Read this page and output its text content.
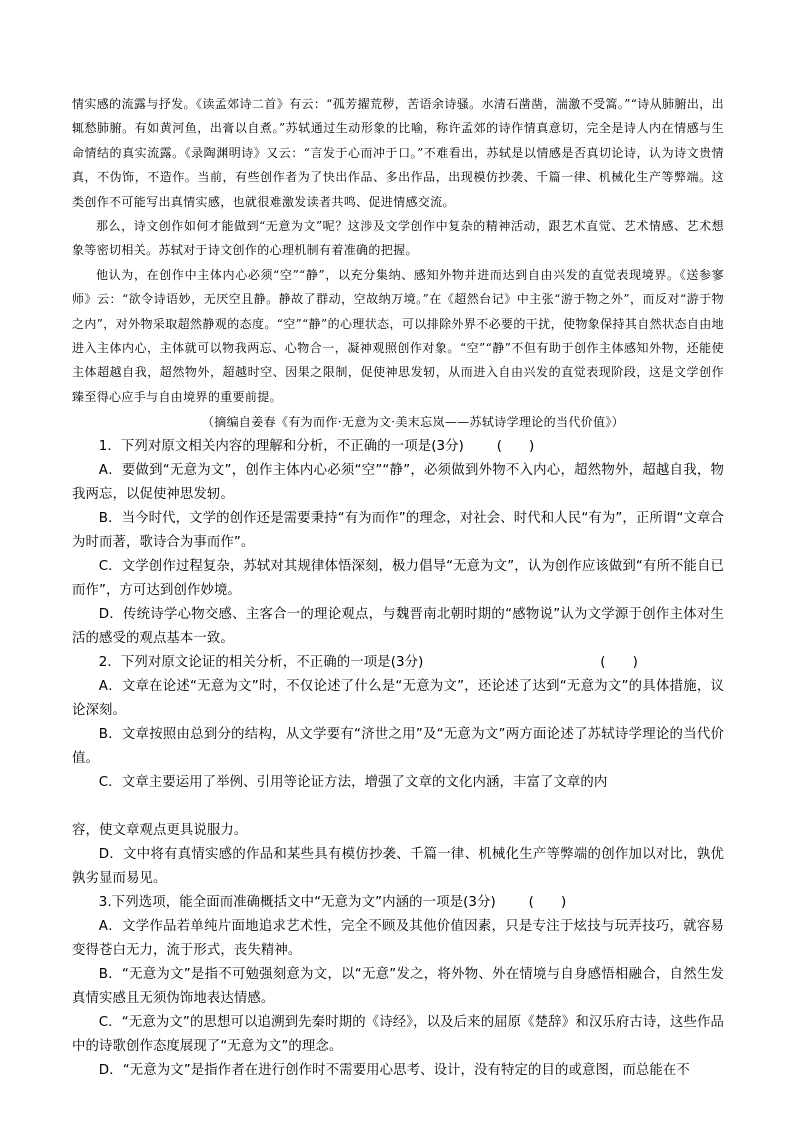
情实感的流露与抒发。《读孟郊诗二首》有云：“孤芳擢荒秽，苦语余诗骚。水清石凿凿，湍激不受篙。”“诗从肺腑出，出辄愁肺腑。有如黄河鱼，出膏以自煮。”苏轼通过生动形象的比喻，称许孟郊的诗作情真意切，完全是诗人内在情感与生命情结的真实流露。《录陶渊明诗》又云：“言发于心而冲于口。”不难看出，苏轼是以情感是否真切论诗，认为诗文贵情真，不伪饰，不造作。当前，有些创作者为了快出作品、多出作品，出现模仿抄袭、千篇一律、机械化生产等弊端。这类创作不可能写出真情实感，也就很难激发读者共鸣、促进情感交流。

那么，诗文创作如何才能做到“无意为文”呢？这涉及文学创作中复杂的精神活动，跟艺术直觉、艺术情感、艺术想象等密切相关。苏轼对于诗文创作的心理机制有着准确的把握。

他认为，在创作中主体内心必须“空”“静”，以充分集纳、感知外物并进而达到自由兴发的直觉表现境界。《送参寥师》云：“欲令诗语妙，无厌空且静。静故了群动，空故纳万境。”在《超然台记》中主张“游于物之外”，而反对“游于物之内”，对外物采取超然静观的态度。“空”“静”的心理状态，可以排除外界不必要的干扰，使物象保持其自然状态自由地进入主体内心，主体就可以物我两忘、心物合一，凝神观照创作对象。“空”“静”不但有助于创作主体感知外物，还能使主体超越自我，超然物外，超越时空、因果之限制，促使神思发轫，从而进入自由兴发的直觉表现阶段，这是文学创作臻至得心应手与自由境界的重要前提。

（摘编自姜春《有为而作·无意为文·美末忘岚——苏轼诗学理论的当代价值》）

1．下列对原文相关内容的理解和分析，不正确的一项是(3分) (　　)

A．要做到“无意为文”，创作主体内心必须“空”“静”，必须做到外物不入内心，超然物外，超越自我，物我两忘，以促使神思发轫。

B．当今时代，文学的创作还是需要秉持“有为而作”的理念，对社会、时代和人民“有为”，正所谓“文章合为时而著，歌诗合为事而作”。

C．文学创作过程复杂，苏轼对其规律体悟深刻，极力倡导“无意为文”，认为创作应该做到“有所不能自已而作”，方可达到创作妙境。

D．传统诗学心物交感、主客合一的理论观点，与魏晋南北朝时期的“感物说”认为文学源于创作主体对生活的感受的观点基本一致。

2．下列对原文论证的相关分析，不正确的一项是(3分)	(　　)

A．文章在论述“无意为文”时，不仅论述了什么是“无意为文”，还论述了达到“无意为文”的具体措施，议论深刻。

B．文章按照由总到分的结构，从文学要有“济世之用”及“无意为文”两方面论述了苏轼诗学理论的当代价值。

C．文章主要运用了举例、引用等论证方法，增强了文章的文化内涵，丰富了文章的内

容，使文章观点更具说服力。

D．文中将有真情实感的作品和某些具有模仿抄袭、千篇一律、机械化生产等弊端的创作加以对比，孰优孰劣显而易见。

3.下列选项，能全面而准确概括文中“无意为文”内涵的一项是(3分) (　　)

A．文学作品若单纯片面地追求艺术性，完全不顾及其他价值因素，只是专注于炫技与玩弄技巧，就容易变得苍白无力，流于形式，丧失精神。

B．“无意为文”是指不可勉强刻意为文，以“无意”发之，将外物、外在情境与自身感悟相融合，自然生发真情实感且无须伪饰地表达情感。

C．“无意为文”的思想可以追溯到先秦时期的《诗经》，以及后来的屈原《楚辞》和汉乐府古诗，这些作品中的诗歌创作态度展现了“无意为文”的理念。

D．“无意为文”是指作者在进行创作时不需要用心思考、设计，没有特定的目的或意图，而总能在不
